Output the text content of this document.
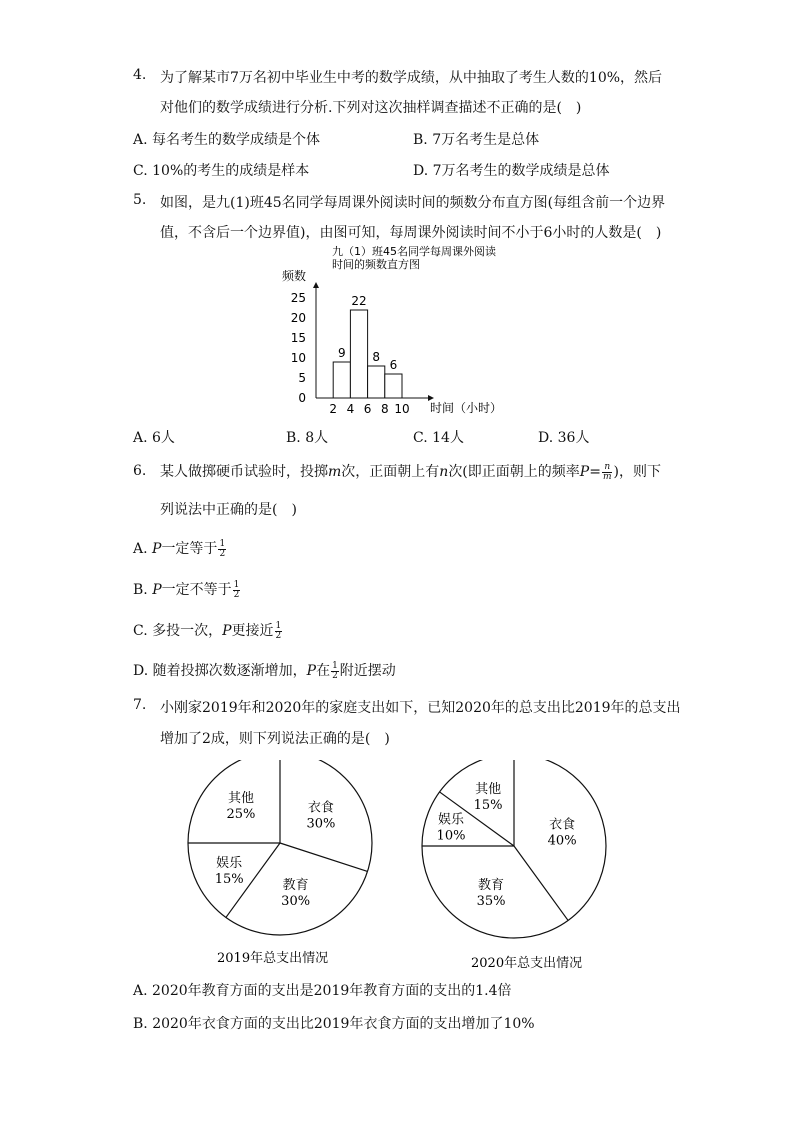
4. 为了解某市7万名初中毕业生中考的数学成绩，从中抽取了考生人数的10%，然后
对他们的数学成绩进行分析.下列对这次抽样调查描述不正确的是(　)
A. 每名考生的数学成绩是个体	B. 7万名考生是总体
C. 10%的考生的成绩是样本	D. 7万名考生的数学成绩是总体
5. 如图，是九(1)班45名同学每周课外阅读时间的频数分布直方图(每组含前一个边界
值，不含后一个边界值)，由图可知，每周课外阅读时间不小于6小时的人数是(　)
九（1）班45名同学每周课外阅读
时间的频数直方图
频数
时间（小时）
0
5
10
15
20
25
2 4 6 8 10
9
22
8
6
A. 6人	B. 8人	C. 14人	D. 36人
6. 某人做掷硬币试验时，投掷m次，正面朝上有n次(即正面朝上的频率$P= \frac{n}{m}$ )，则下
列说法中正确的是(　)
A. P一定等于 $\frac{1}{2}$
B. P一定不等于 $\frac{1}{2}$
C. 多投一次，P更接近 $\frac{1}{2}$
D. 随着投掷次数逐渐增加，P在 $\frac{1}{2}$ 附近摆动
7. 小刚家2019年和2020年的家庭支出如下，已知2020年的总支出比2019年的总支出
增加了2成，则下列说法正确的是(　)
衣食
30%
教育
30%
娱乐
15%
其他
25%
2019年总支出情况
衣食
40%
教育
35%
娱乐
10%
其他
15%
2020年总支出情况
A. 2020年教育方面的支出是2019年教育方面的支出的1.4倍
B. 2020年衣食方面的支出比2019年衣食方面的支出增加了10%
